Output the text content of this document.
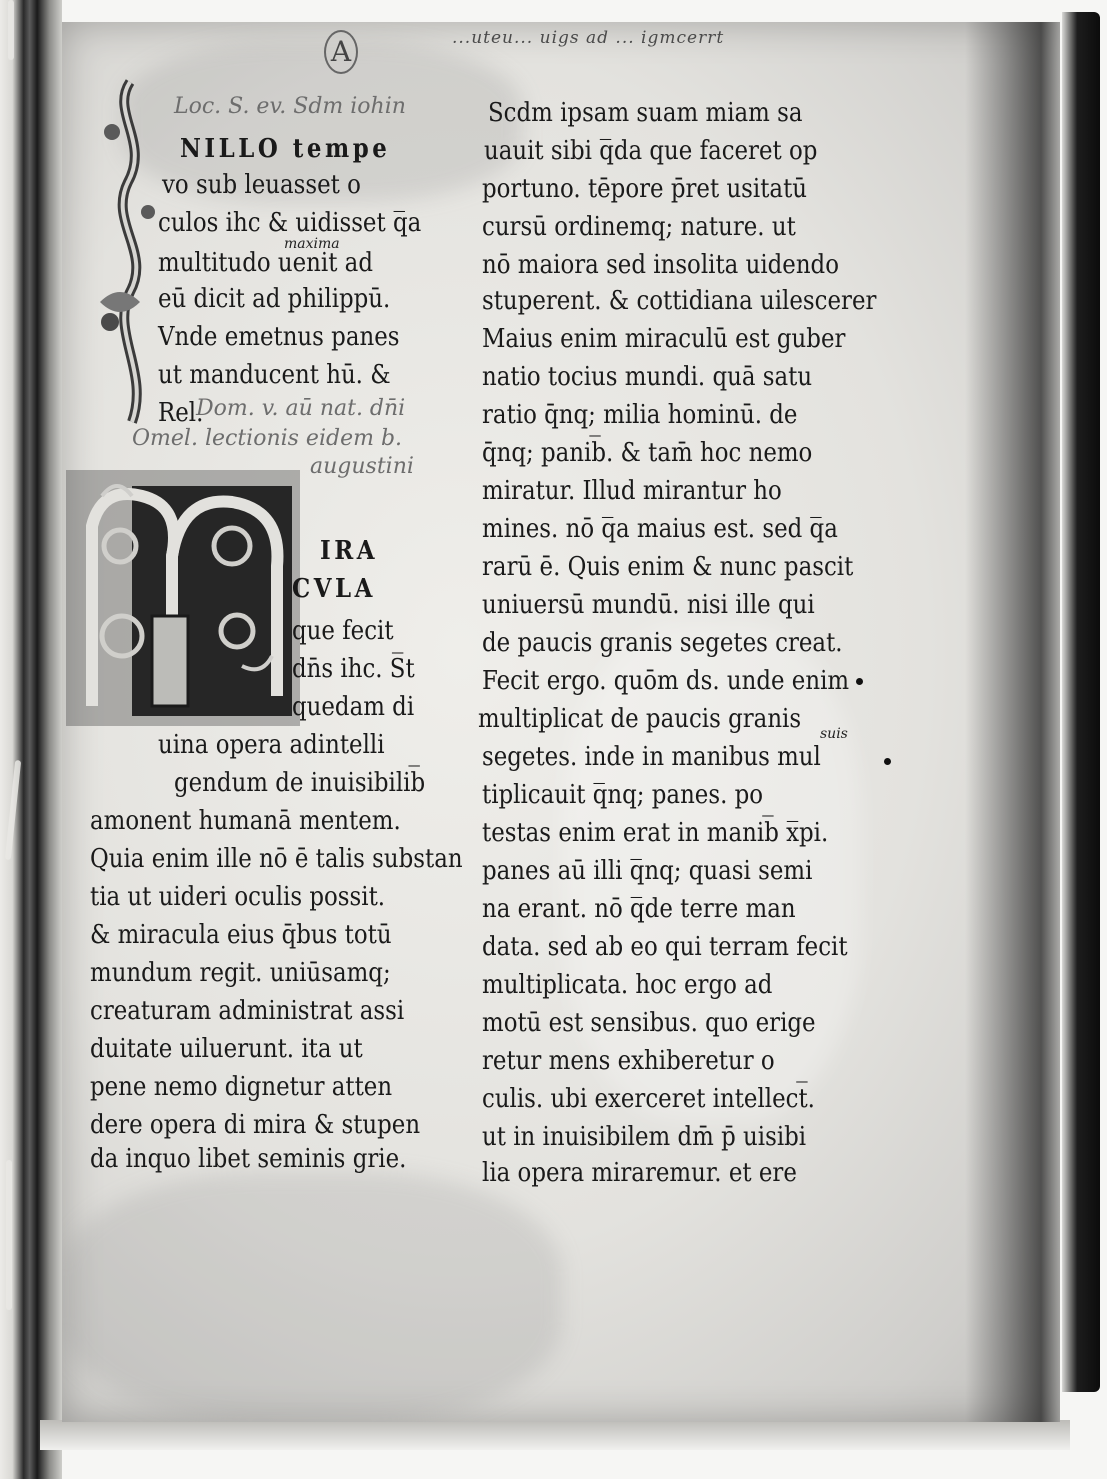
A	...uteu... uigs ad ... igmcerrt
Loc. S. ev. Sdm iohin
NILLO tempe
vo sub leuasset o
culos ihc & uidisset q̅a
maxima
multitudo uenit ad
eū dicit ad philippū.
Vnde emetnus panes
ut manducent hū. &
Rel.
Dom. v. aū nat. dn̄i
Omel. lectionis eidem b.
augustini
IRA
CVLA
que fecit
dn̄s ihc. S̅t
quedam di
uina opera adintelli
gendum de inuisibilib̅
amonent humanā mentem.
Quia enim ille nō ē talis substan
tia ut uideri oculis possit.
& miracula eius q̄bus totū
mundum regit. uniūsamq;
creaturam administrat assi
duitate uiluerunt. ita ut
pene nemo dignetur atten
dere opera di mira & stupen
da inquo libet seminis grie.
Scdm ipsam suam miam sa
uauit sibi q̅da que faceret op
portuno. tēpore p̄ret usitatū
cursū ordinemq; nature. ut
nō maiora sed insolita uidendo
stuperent. & cottidiana uilescerer
Maius enim miraculū est guber
natio tocius mundi. quā satu
ratio q̄nq; milia hominū. de
q̄nq; panib̅. & tam̄ hoc nemo
miratur. Illud mirantur ho
mines. nō q̅a maius est. sed q̅a
rarū ē. Quis enim & nunc pascit
uniuersū mundū. nisi ille qui
de paucis granis segetes creat.
Fecit ergo. quōm ds. unde enim
multiplicat de paucis granis suis
segetes. inde in manibus mul
tiplicauit q̅nq; panes. po
testas enim erat in manib̅ x̅pi.
panes aū illi q̅nq; quasi semi
na erant. nō q̅de terre man
data. sed ab eo qui terram fecit
multiplicata. hoc ergo ad
motū est sensibus. quo erige
retur mens exhiberetur o
culis. ubi exerceret intellect̅.
ut in inuisibilem dm̄ p̄ uisibi
lia opera miraremur. et ere
